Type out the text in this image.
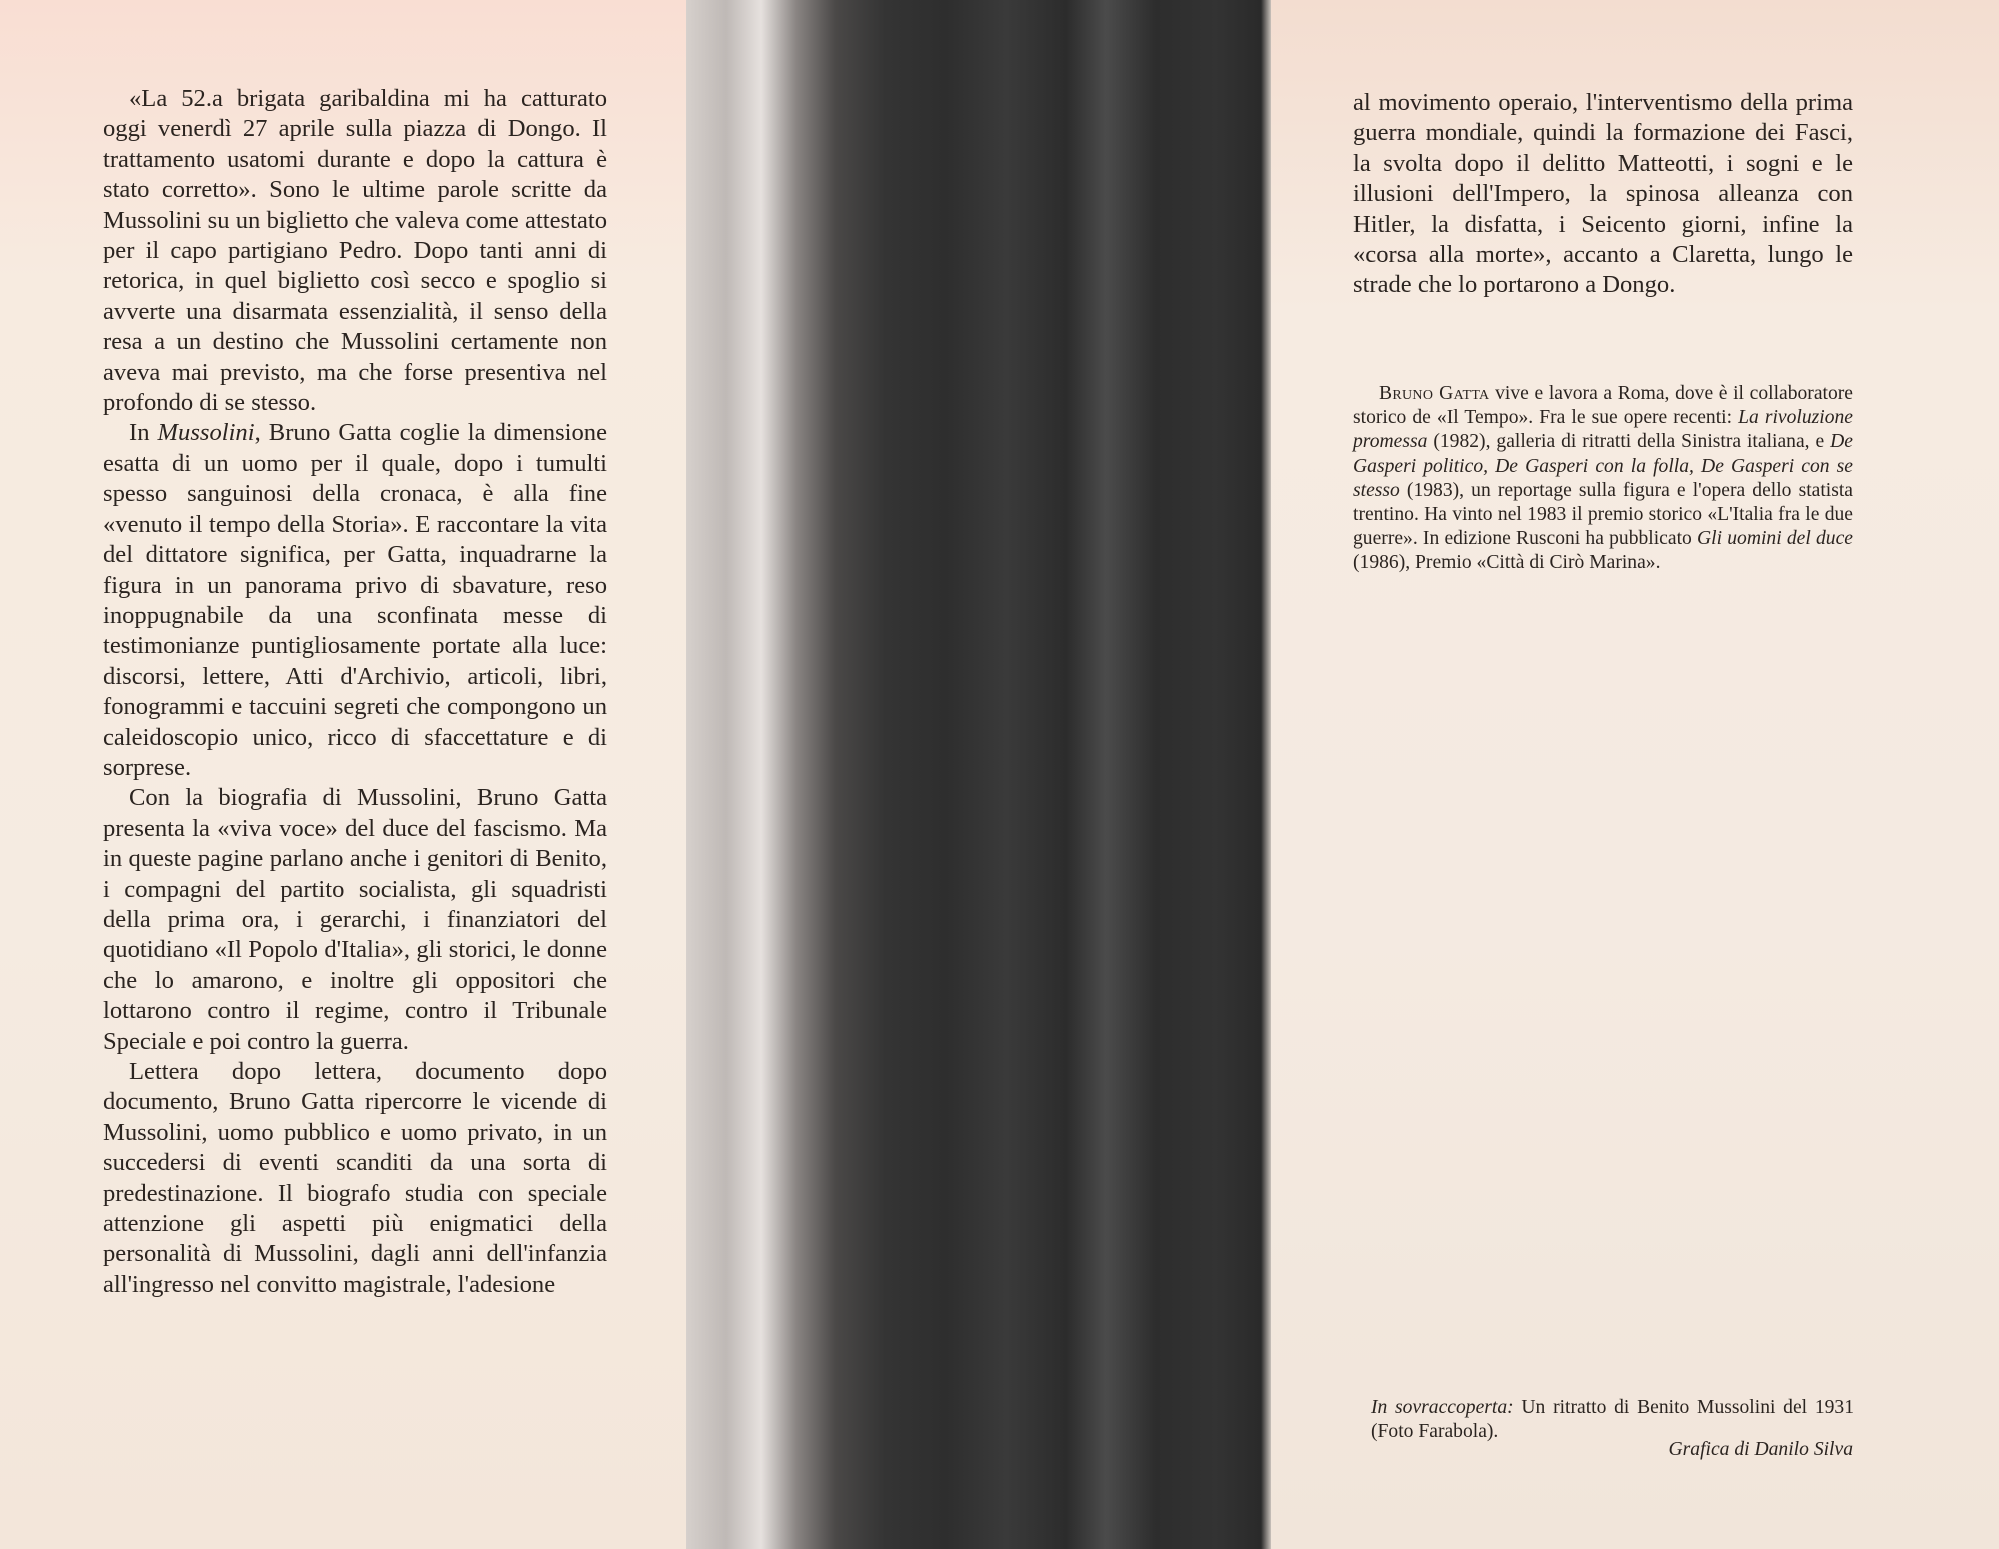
«La 52.a brigata garibaldina mi ha catturato oggi venerdì 27 aprile sulla piazza di Dongo. Il trattamento usatomi durante e dopo la cattura è stato corretto». Sono le ultime parole scritte da Mussolini su un biglietto che valeva come attestato per il capo partigiano Pedro. Dopo tanti anni di retorica, in quel biglietto così secco e spoglio si avverte una disarmata essenzialità, il senso della resa a un destino che Mussolini certamente non aveva mai previsto, ma che forse presentiva nel profondo di se stesso.

In Mussolini, Bruno Gatta coglie la dimensione esatta di un uomo per il quale, dopo i tumulti spesso sanguinosi della cronaca, è alla fine «venuto il tempo della Storia». E raccontare la vita del dittatore significa, per Gatta, inquadrarne la figura in un panorama privo di sbavature, reso inoppugnabile da una sconfinata messe di testimonianze puntigliosamente portate alla luce: discorsi, lettere, Atti d'Archivio, articoli, libri, fonogrammi e taccuini segreti che compongono un caleidoscopio unico, ricco di sfaccettature e di sorprese.

Con la biografia di Mussolini, Bruno Gatta presenta la «viva voce» del duce del fascismo. Ma in queste pagine parlano anche i genitori di Benito, i compagni del partito socialista, gli squadristi della prima ora, i gerarchi, i finanziatori del quotidiano «Il Popolo d'Italia», gli storici, le donne che lo amarono, e inoltre gli oppositori che lottarono contro il regime, contro il Tribunale Speciale e poi contro la guerra.

Lettera dopo lettera, documento dopo documento, Bruno Gatta ripercorre le vicende di Mussolini, uomo pubblico e uomo privato, in un succedersi di eventi scanditi da una sorta di predestinazione. Il biografo studia con speciale attenzione gli aspetti più enigmatici della personalità di Mussolini, dagli anni dell'infanzia all'ingresso nel convitto magistrale, l'adesione

al movimento operaio, l'interventismo della prima guerra mondiale, quindi la formazione dei Fasci, la svolta dopo il delitto Matteotti, i sogni e le illusioni dell'Impero, la spinosa alleanza con Hitler, la disfatta, i Seicento giorni, infine la «corsa alla morte», accanto a Claretta, lungo le strade che lo portarono a Dongo.

Bruno Gatta vive e lavora a Roma, dove è il collaboratore storico de «Il Tempo». Fra le sue opere recenti: La rivoluzione promessa (1982), galleria di ritratti della Sinistra italiana, e De Gasperi politico, De Gasperi con la folla, De Gasperi con se stesso (1983), un reportage sulla figura e l'opera dello statista trentino. Ha vinto nel 1983 il premio storico «L'Italia fra le due guerre». In edizione Rusconi ha pubblicato Gli uomini del duce (1986), Premio «Città di Cirò Marina».

In sovraccoperta: Un ritratto di Benito Mussolini del 1931 (Foto Farabola).

Grafica di Danilo Silva
